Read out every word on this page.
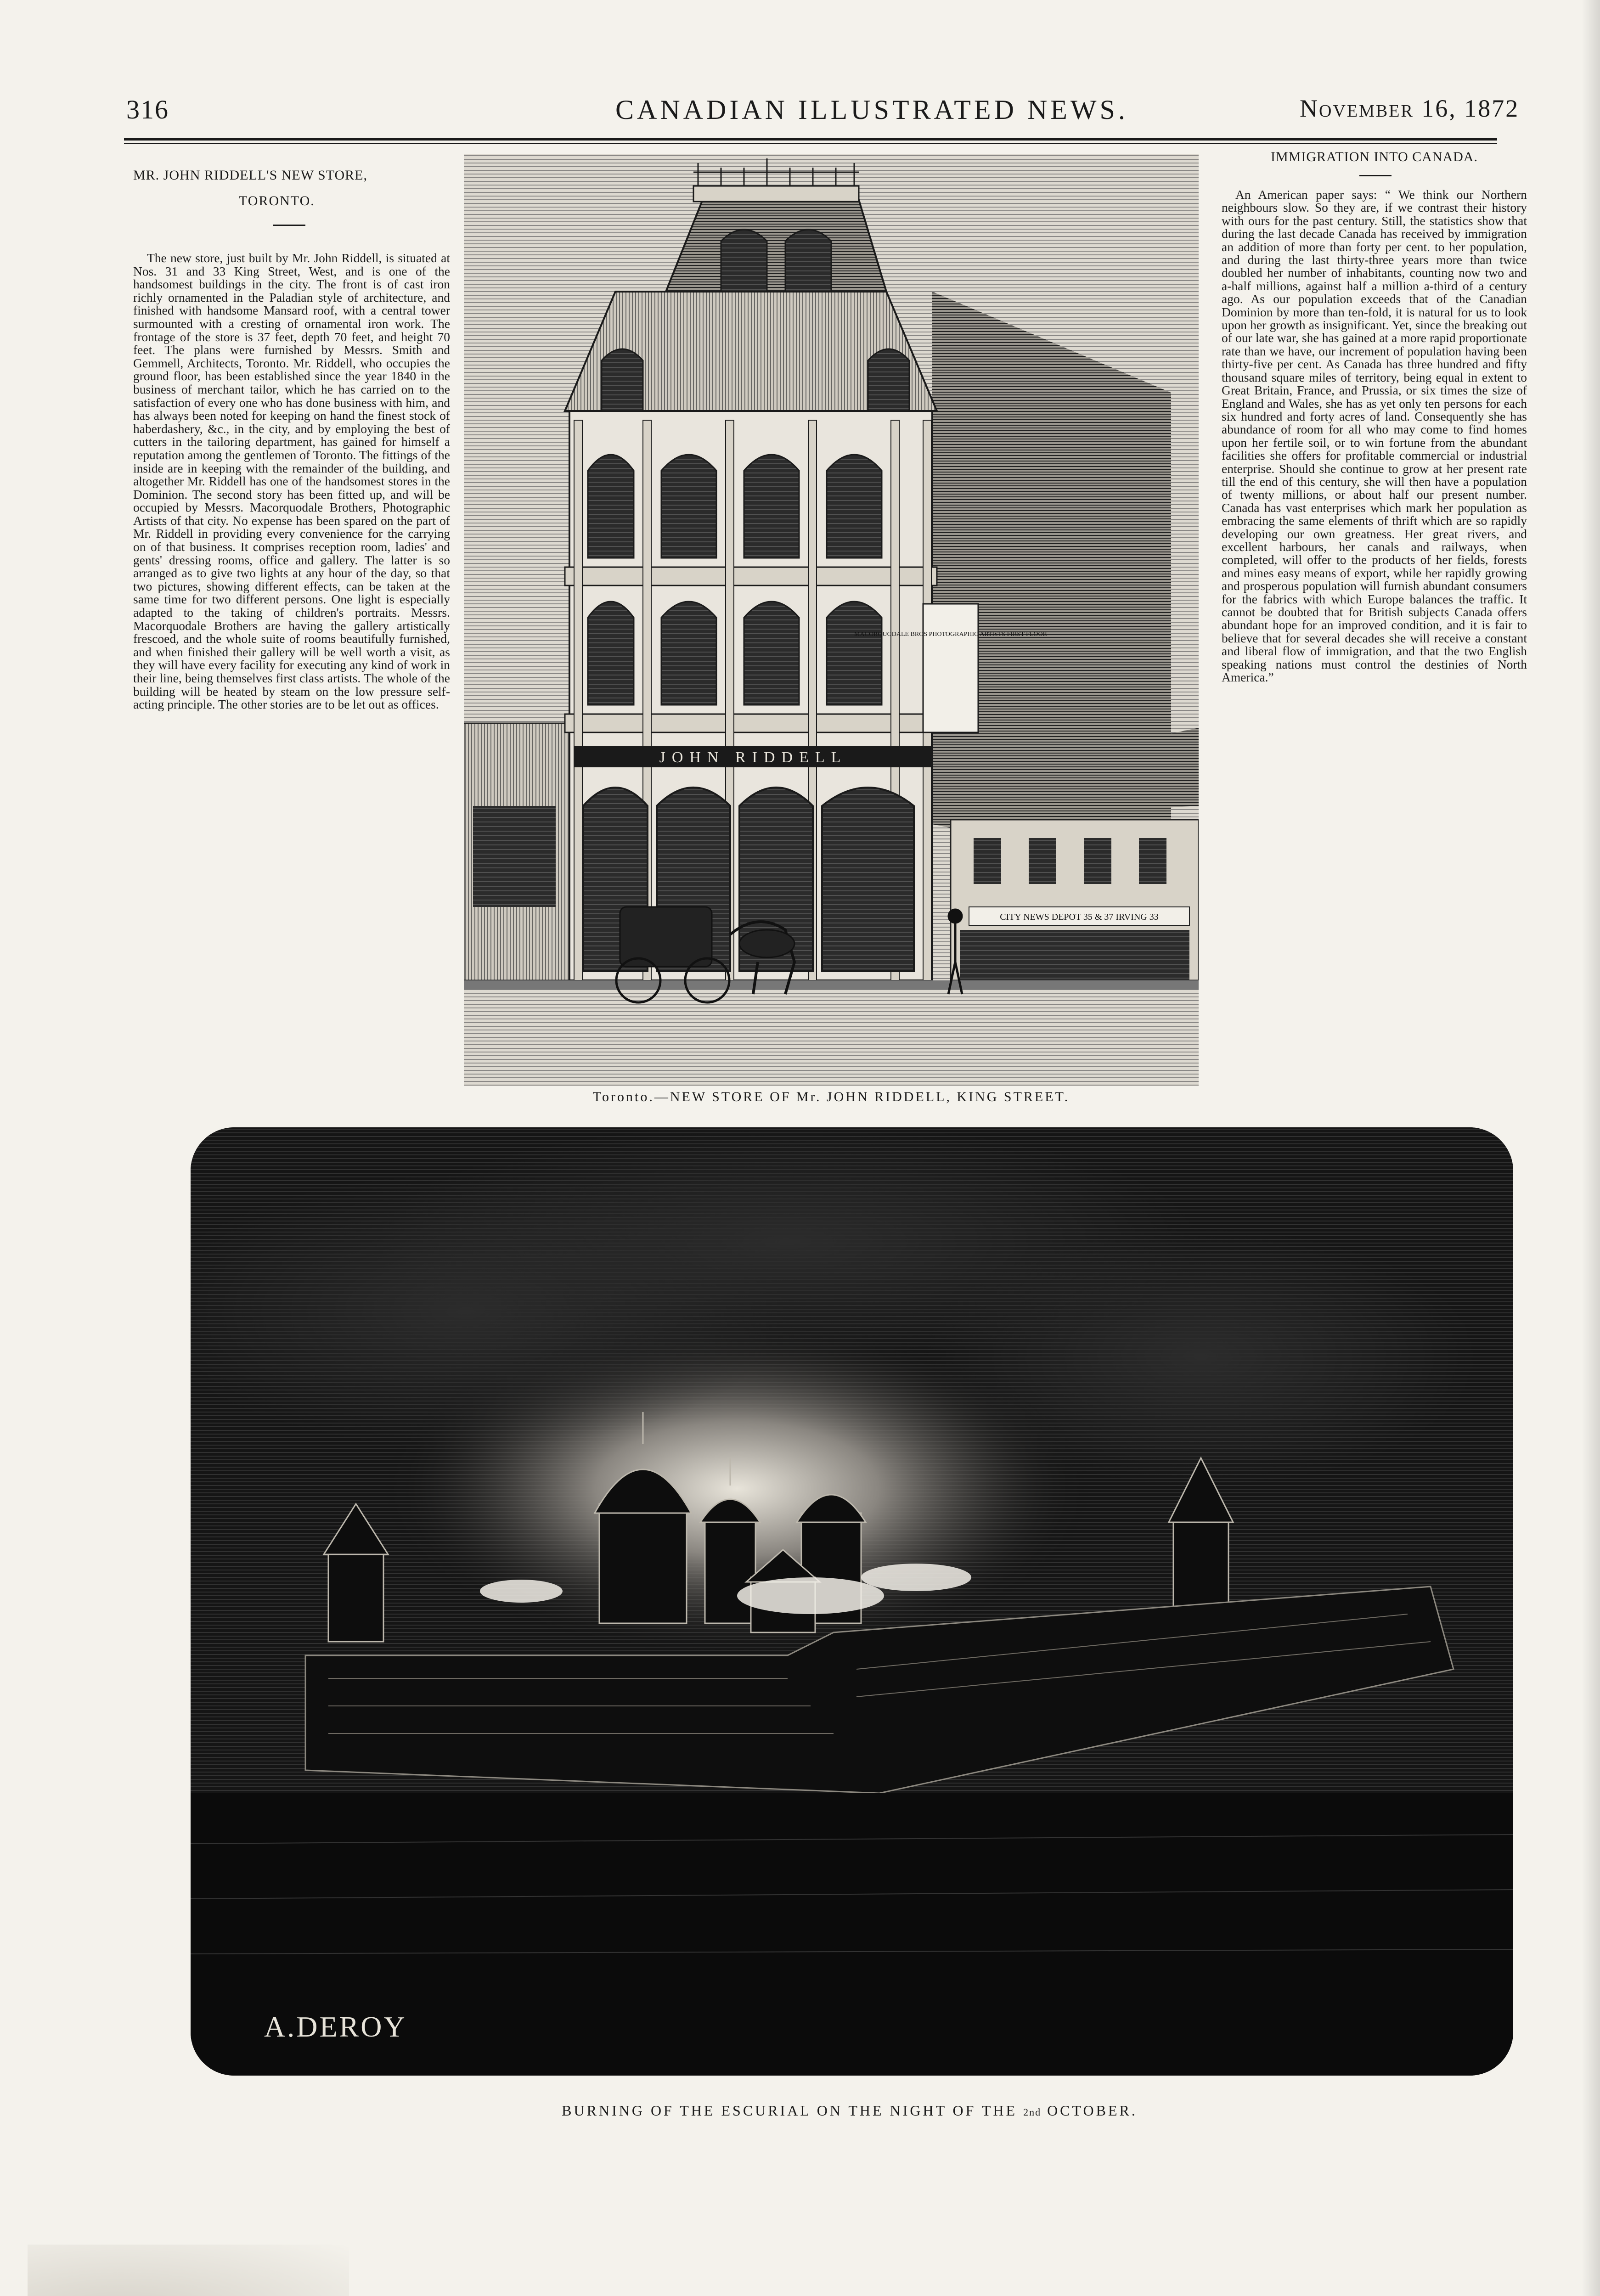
316	CANADIAN ILLUSTRATED NEWS.	November 16, 1872
MR. JOHN RIDDELL'S NEW STORE,
TORONTO.

The new store, just built by Mr. John Riddell, is situated at Nos. 31 and 33 King Street, West, and is one of the handsomest buildings in the city. The front is of cast iron richly ornamented in the Paladian style of architecture, and finished with handsome Mansard roof, with a central tower surmounted with a cresting of ornamental iron work. The frontage of the store is 37 feet, depth 70 feet, and height 70 feet. The plans were furnished by Messrs. Smith and Gemmell, Architects, Toronto. Mr. Riddell, who occupies the ground floor, has been established since the year 1840 in the business of merchant tailor, which he has carried on to the satisfaction of every one who has done business with him, and has always been noted for keeping on hand the finest stock of haberdashery, &c., in the city, and by employing the best of cutters in the tailoring department, has gained for himself a reputation among the gentlemen of Toronto. The fittings of the inside are in keeping with the remainder of the building, and altogether Mr. Riddell has one of the handsomest stores in the Dominion. The second story has been fitted up, and will be occupied by Messrs. Macorquodale Brothers, Photographic Artists of that city. No expense has been spared on the part of Mr. Riddell in providing every convenience for the carrying on of that business. It comprises reception room, ladies' and gents' dressing rooms, office and gallery. The latter is so arranged as to give two lights at any hour of the day, so that two pictures, showing different effects, can be taken at the same time for two different persons. One light is especially adapted to the taking of children's portraits. Messrs. Macorquodale Brothers are having the gallery artistically frescoed, and the whole suite of rooms beautifully furnished, and when finished their gallery will be well worth a visit, as they will have every facility for executing any kind of work in their line, being themselves first class artists. The whole of the building will be heated by steam on the low pressure self-acting principle. The other stories are to be let out as offices.

CITY NEWS DEPOT 35 & 37 IRVING 33
JOHN RIDDELL
MACORQUODALE BROS PHOTOGRAPHIC ARTISTS FIRST FLOOR
Toronto.—NEW STORE OF Mr. JOHN RIDDELL, KING STREET.
IMMIGRATION INTO CANADA.

An American paper says: “ We think our Northern neighbours slow. So they are, if we contrast their history with ours for the past century. Still, the statistics show that during the last decade Canada has received by immigration an addition of more than forty per cent. to her population, and during the last thirty-three years more than twice doubled her number of inhabitants, counting now two and a-half millions, against half a million a-third of a century ago. As our population exceeds that of the Canadian Dominion by more than ten-fold, it is natural for us to look upon her growth as insignificant. Yet, since the breaking out of our late war, she has gained at a more rapid proportionate rate than we have, our increment of population having been thirty-five per cent. As Canada has three hundred and fifty thousand square miles of territory, being equal in extent to Great Britain, France, and Prussia, or six times the size of England and Wales, she has as yet only ten persons for each six hundred and forty acres of land. Consequently she has abundance of room for all who may come to find homes upon her fertile soil, or to win fortune from the abundant facilities she offers for profitable commercial or industrial enterprise. Should she continue to grow at her present rate till the end of this century, she will then have a population of twenty millions, or about half our present number. Canada has vast enterprises which mark her population as embracing the same elements of thrift which are so rapidly developing our own greatness. Her great rivers, and excellent harbours, her canals and railways, when completed, will offer to the products of her fields, forests and mines easy means of export, while her rapidly growing and prosperous population will furnish abundant consumers for the fabrics with which Europe balances the traffic. It cannot be doubted that for British subjects Canada offers abundant hope for an improved condition, and it is fair to believe that for several decades she will receive a constant and liberal flow of immigration, and that the two English speaking nations must control the destinies of North America.”

A.DEROY
BURNING OF THE ESCURIAL ON THE NIGHT OF THE 2nd OCTOBER.
